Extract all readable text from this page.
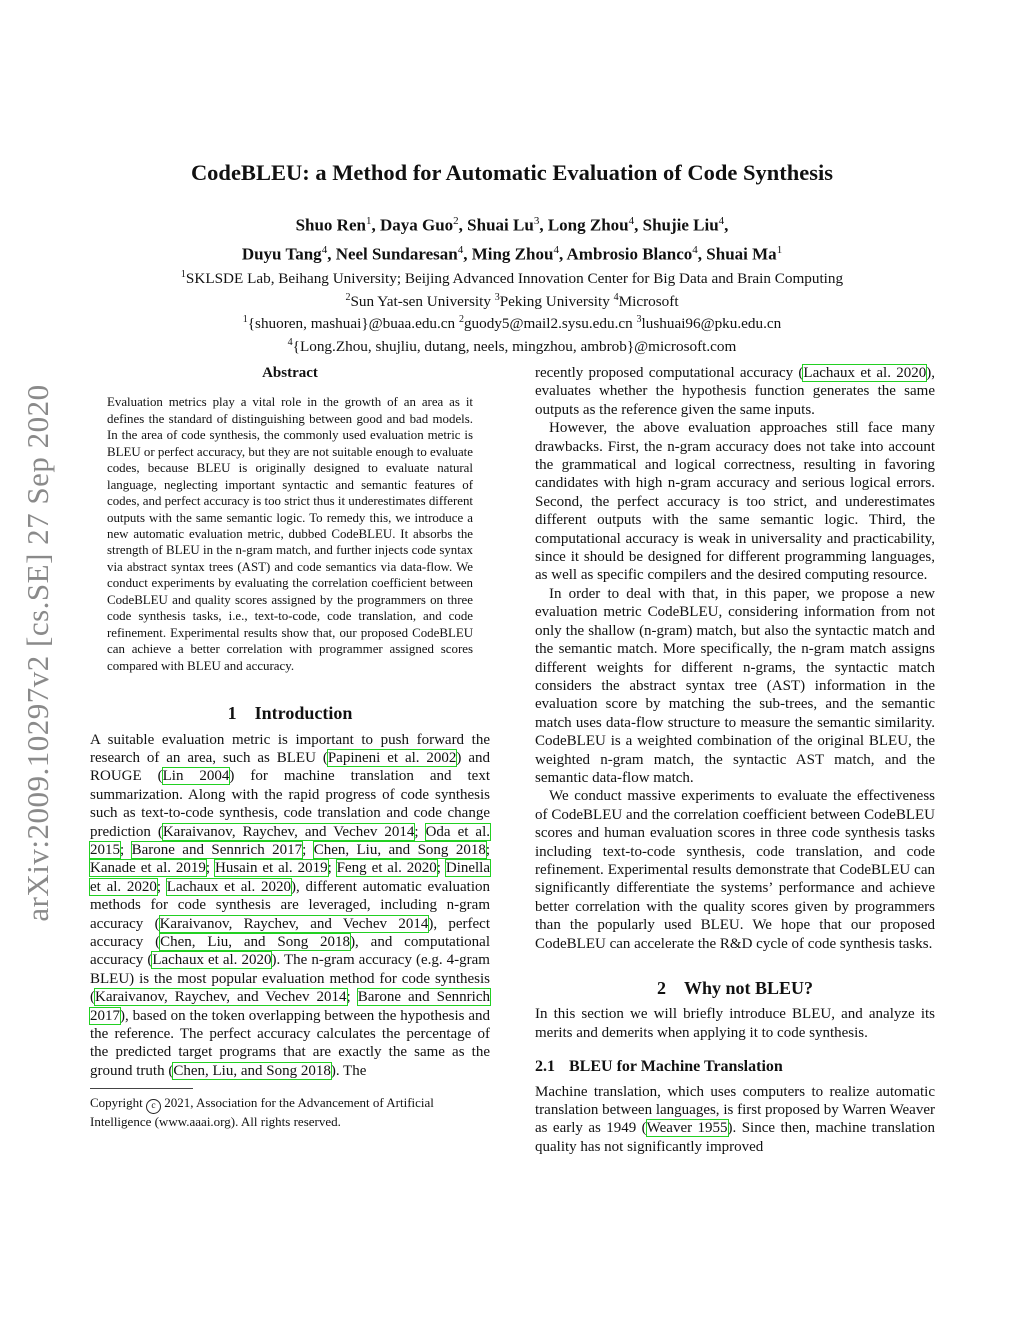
arXiv:2009.10297v2 [cs.SE] 27 Sep 2020
CodeBLEU: a Method for Automatic Evaluation of Code Synthesis
Shuo Ren$^1$, Daya Guo$^2$, Shuai Lu$^3$, Long Zhou$^4$, Shujie Liu$^4$,
Duyu Tang$^4$, Neel Sundaresan$^4$, Ming Zhou$^4$, Ambrosio Blanco$^4$, Shuai Ma$^1$
$^1$SKLSDE Lab, Beihang University; Beijing Advanced Innovation Center for Big Data and Brain Computing
$^2$Sun Yat-sen University $^3$Peking University $^4$Microsoft
$^1${shuoren, mashuai}@buaa.edu.cn $^2$guody5@mail2.sysu.edu.cn $^3$lushuai96@pku.edu.cn
$^4${Long.Zhou, shujliu, dutang, neels, mingzhou, ambrob}@microsoft.com
Abstract

Evaluation metrics play a vital role in the growth of an area as it defines the standard of distinguishing between good and bad models. In the area of code synthesis, the commonly used evaluation metric is BLEU or perfect accuracy, but they are not suitable enough to evaluate codes, because BLEU is originally designed to evaluate natural language, neglecting important syntactic and semantic features of codes, and perfect accuracy is too strict thus it underestimates different outputs with the same semantic logic. To remedy this, we introduce a new automatic evaluation metric, dubbed CodeBLEU. It absorbs the strength of BLEU in the n-gram match, and further injects code syntax via abstract syntax trees (AST) and code semantics via data-flow. We conduct experiments by evaluating the correlation coefficient between CodeBLEU and quality scores assigned by the programmers on three code synthesis tasks, i.e., text-to-code, code translation, and code refinement. Experimental results show that, our proposed CodeBLEU can achieve a better correlation with programmer assigned scores compared with BLEU and accuracy.

1 Introduction

A suitable evaluation metric is important to push forward the research of an area, such as BLEU (Papineni et al. 2002) and ROUGE (Lin 2004) for machine translation and text summarization. Along with the rapid progress of code synthesis such as text-to-code synthesis, code translation and code change prediction (Karaivanov, Raychev, and Vechev 2014; Oda et al. 2015; Barone and Sennrich 2017; Chen, Liu, and Song 2018; Kanade et al. 2019; Husain et al. 2019; Feng et al. 2020; Dinella et al. 2020; Lachaux et al. 2020), different automatic evaluation methods for code synthesis are leveraged, including n-gram accuracy (Karaivanov, Raychev, and Vechev 2014), perfect accuracy (Chen, Liu, and Song 2018), and computational accuracy (Lachaux et al. 2020). The n-gram accuracy (e.g. 4-gram BLEU) is the most popular evaluation method for code synthesis (Karaivanov, Raychev, and Vechev 2014; Barone and Sennrich 2017), based on the token overlapping between the hypothesis and the reference. The perfect accuracy calculates the percentage of the predicted target programs that are exactly the same as the ground truth (Chen, Liu, and Song 2018). The

Copyright c 2021, Association for the Advancement of Artificial Intelligence (www.aaai.org). All rights reserved.

recently proposed computational accuracy (Lachaux et al. 2020), evaluates whether the hypothesis function generates the same outputs as the reference given the same inputs.

However, the above evaluation approaches still face many drawbacks. First, the n-gram accuracy does not take into account the grammatical and logical correctness, resulting in favoring candidates with high n-gram accuracy and serious logical errors. Second, the perfect accuracy is too strict, and underestimates different outputs with the same semantic logic. Third, the computational accuracy is weak in universality and practicability, since it should be designed for different programming languages, as well as specific compilers and the desired computing resource.

In order to deal with that, in this paper, we propose a new evaluation metric CodeBLEU, considering information from not only the shallow (n-gram) match, but also the syntactic match and the semantic match. More specifically, the n-gram match assigns different weights for different n-grams, the syntactic match considers the abstract syntax tree (AST) information in the evaluation score by matching the sub-trees, and the semantic match uses data-flow structure to measure the semantic similarity. CodeBLEU is a weighted combination of the original BLEU, the weighted n-gram match, the syntactic AST match, and the semantic data-flow match.

We conduct massive experiments to evaluate the effectiveness of CodeBLEU and the correlation coefficient between CodeBLEU scores and human evaluation scores in three code synthesis tasks including text-to-code synthesis, code translation, and code refinement. Experimental results demonstrate that CodeBLEU can significantly differentiate the systems’ performance and achieve better correlation with the quality scores given by programmers than the popularly used BLEU. We hope that our proposed CodeBLEU can accelerate the R&D cycle of code synthesis tasks.

2 Why not BLEU?

In this section we will briefly introduce BLEU, and analyze its merits and demerits when applying it to code synthesis.

2.1 BLEU for Machine Translation

Machine translation, which uses computers to realize automatic translation between languages, is first proposed by Warren Weaver as early as 1949 (Weaver 1955). Since then, machine translation quality has not significantly improved
